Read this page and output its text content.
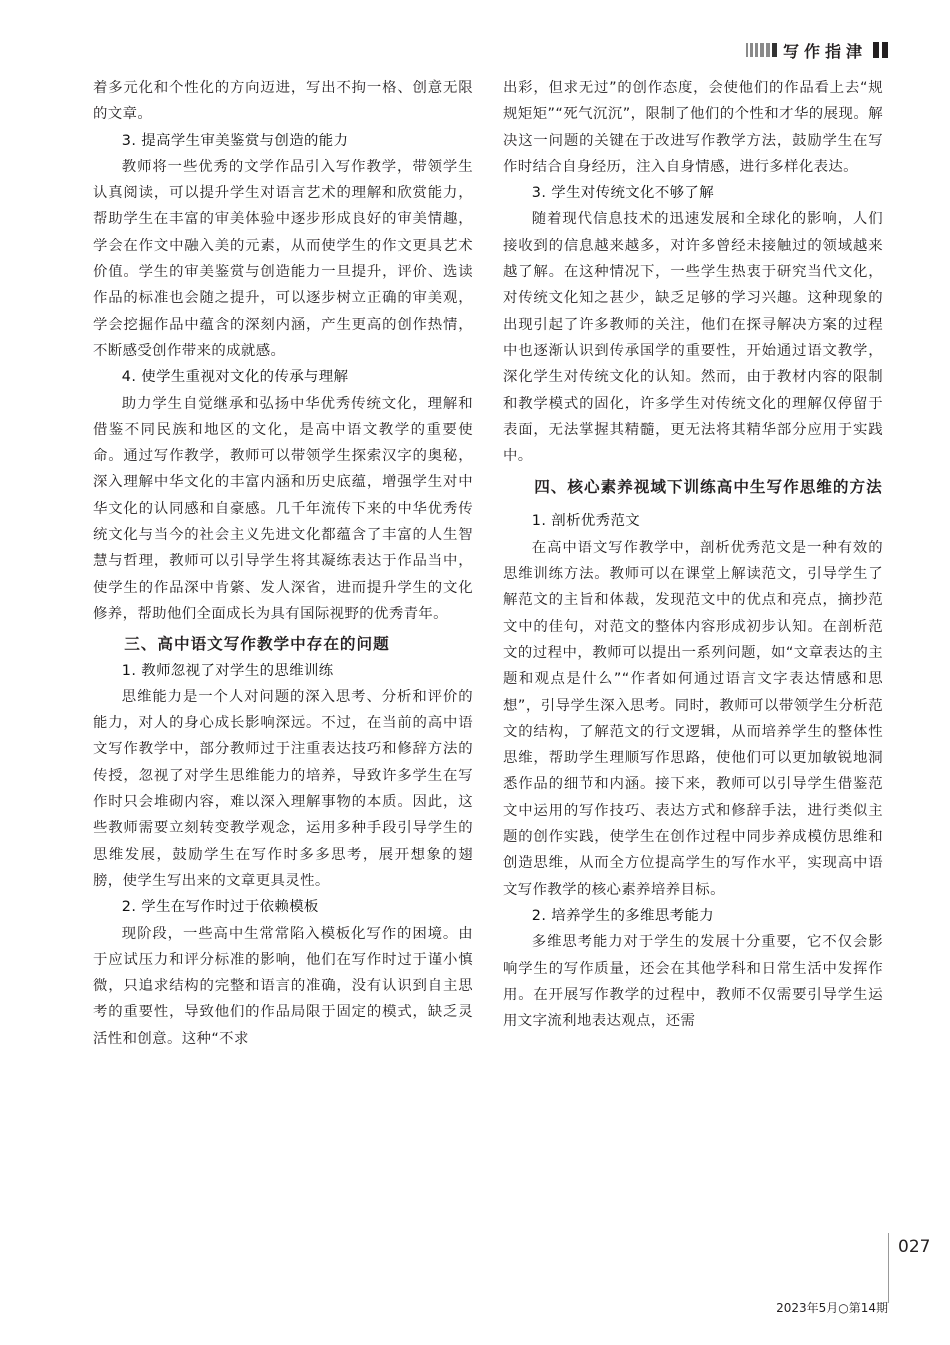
写作指津

着多元化和个性化的方向迈进，写出不拘一格、创意无限的文章。

3. 提高学生审美鉴赏与创造的能力

教师将一些优秀的文学作品引入写作教学，带领学生认真阅读，可以提升学生对语言艺术的理解和欣赏能力，帮助学生在丰富的审美体验中逐步形成良好的审美情趣，学会在作文中融入美的元素，从而使学生的作文更具艺术价值。学生的审美鉴赏与创造能力一旦提升，评价、选读作品的标准也会随之提升，可以逐步树立正确的审美观，学会挖掘作品中蕴含的深刻内涵，产生更高的创作热情，不断感受创作带来的成就感。

4. 使学生重视对文化的传承与理解

助力学生自觉继承和弘扬中华优秀传统文化，理解和借鉴不同民族和地区的文化，是高中语文教学的重要使命。通过写作教学，教师可以带领学生探索汉字的奥秘，深入理解中华文化的丰富内涵和历史底蕴，增强学生对中华文化的认同感和自豪感。几千年流传下来的中华优秀传统文化与当今的社会主义先进文化都蕴含了丰富的人生智慧与哲理，教师可以引导学生将其凝练表达于作品当中，使学生的作品深中肯綮、发人深省，进而提升学生的文化修养，帮助他们全面成长为具有国际视野的优秀青年。

三、高中语文写作教学中存在的问题
1. 教师忽视了对学生的思维训练

思维能力是一个人对问题的深入思考、分析和评价的能力，对人的身心成长影响深远。不过，在当前的高中语文写作教学中，部分教师过于注重表达技巧和修辞方法的传授，忽视了对学生思维能力的培养，导致许多学生在写作时只会堆砌内容，难以深入理解事物的本质。因此，这些教师需要立刻转变教学观念，运用多种手段引导学生的思维发展，鼓励学生在写作时多多思考，展开想象的翅膀，使学生写出来的文章更具灵性。

2. 学生在写作时过于依赖模板

现阶段，一些高中生常常陷入模板化写作的困境。由于应试压力和评分标准的影响，他们在写作时过于谨小慎微，只追求结构的完整和语言的准确，没有认识到自主思考的重要性，导致他们的作品局限于固定的模式，缺乏灵活性和创意。这种“不求

出彩，但求无过”的创作态度，会使他们的作品看上去“规规矩矩”“死气沉沉”，限制了他们的个性和才华的展现。解决这一问题的关键在于改进写作教学方法，鼓励学生在写作时结合自身经历，注入自身情感，进行多样化表达。

3. 学生对传统文化不够了解

随着现代信息技术的迅速发展和全球化的影响，人们接收到的信息越来越多，对许多曾经未接触过的领域越来越了解。在这种情况下，一些学生热衷于研究当代文化，对传统文化知之甚少，缺乏足够的学习兴趣。这种现象的出现引起了许多教师的关注，他们在探寻解决方案的过程中也逐渐认识到传承国学的重要性，开始通过语文教学，深化学生对传统文化的认知。然而，由于教材内容的限制和教学模式的固化，许多学生对传统文化的理解仅停留于表面，无法掌握其精髓，更无法将其精华部分应用于实践中。

四、核心素养视域下训练高中生写作思维的方法
1. 剖析优秀范文

在高中语文写作教学中，剖析优秀范文是一种有效的思维训练方法。教师可以在课堂上解读范文，引导学生了解范文的主旨和体裁，发现范文中的优点和亮点，摘抄范文中的佳句，对范文的整体内容形成初步认知。在剖析范文的过程中，教师可以提出一系列问题，如“文章表达的主题和观点是什么”“作者如何通过语言文字表达情感和思想”，引导学生深入思考。同时，教师可以带领学生分析范文的结构，了解范文的行文逻辑，从而培养学生的整体性思维，帮助学生理顺写作思路，使他们可以更加敏锐地洞悉作品的细节和内涵。接下来，教师可以引导学生借鉴范文中运用的写作技巧、表达方式和修辞手法，进行类似主题的创作实践，使学生在创作过程中同步养成模仿思维和创造思维，从而全方位提高学生的写作水平，实现高中语文写作教学的核心素养培养目标。

2. 培养学生的多维思考能力

多维思考能力对于学生的发展十分重要，它不仅会影响学生的写作质量，还会在其他学科和日常生活中发挥作用。在开展写作教学的过程中，教师不仅需要引导学生运用文字流利地表达观点，还需

027
2023年5月○第14期
